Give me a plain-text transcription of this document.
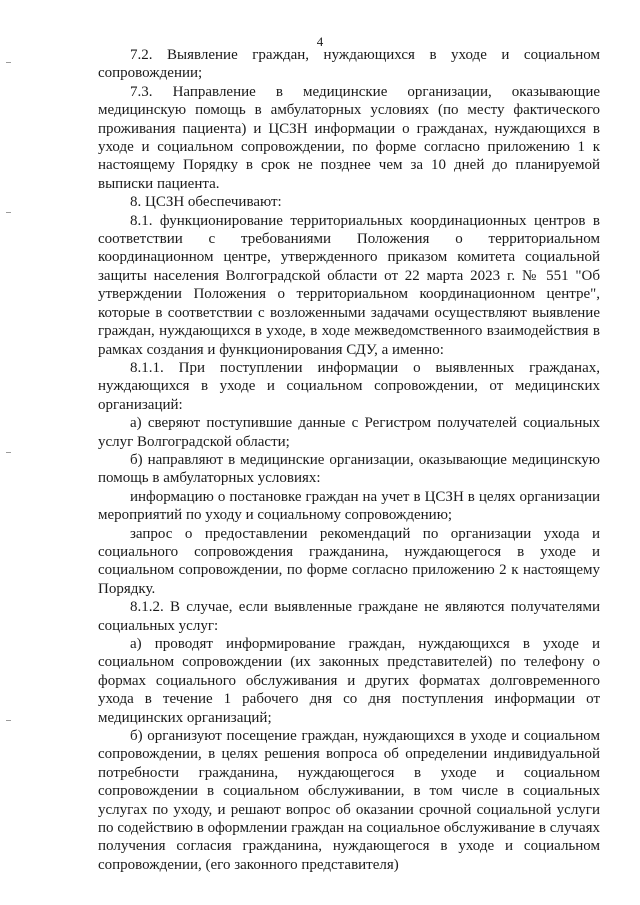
4

7.2. Выявление граждан, нуждающихся в уходе и социальном сопровождении;

7.3. Направление в медицинские организации, оказывающие медицинскую помощь в амбулаторных условиях (по месту фактического проживания пациента) и ЦСЗН информации о гражданах, нуждающихся в уходе и социальном сопровождении, по форме согласно приложению 1 к настоящему Порядку в срок не позднее чем за 10 дней до планируемой выписки пациента.

8. ЦСЗН обеспечивают:

8.1. функционирование территориальных координационных центров в соответствии с требованиями Положения о территориальном координационном центре, утвержденного приказом комитета социальной защиты населения Волгоградской области от 22 марта 2023 г. № 551 "Об утверждении Положения о территориальном координационном центре", которые в соответствии с возложенными задачами осуществляют выявление граждан, нуждающихся в уходе, в ходе межведомственного взаимодействия в рамках создания и функционирования СДУ, а именно:

8.1.1. При поступлении информации о выявленных гражданах, нуждающихся в уходе и социальном сопровождении, от медицинских организаций:

а) сверяют поступившие данные с Регистром получателей социальных услуг Волгоградской области;

б) направляют в медицинские организации, оказывающие медицинскую помощь в амбулаторных условиях:

информацию о постановке граждан на учет в ЦСЗН в целях организации мероприятий по уходу и социальному сопровождению;

запрос о предоставлении рекомендаций по организации ухода и социального сопровождения гражданина, нуждающегося в уходе и социальном сопровождении, по форме согласно приложению 2 к настоящему Порядку.

8.1.2. В случае, если выявленные граждане не являются получателями социальных услуг:

а) проводят информирование граждан, нуждающихся в уходе и социальном сопровождении (их законных представителей) по телефону о формах социального обслуживания и других форматах долговременного ухода в течение 1 рабочего дня со дня поступления информации от медицинских организаций;

б) организуют посещение граждан, нуждающихся в уходе и социальном сопровождении, в целях решения вопроса об определении индивидуальной потребности гражданина, нуждающегося в уходе и социальном сопровождении в социальном обслуживании, в том числе в социальных услугах по уходу, и решают вопрос об оказании срочной социальной услуги по содействию в оформлении граждан на социальное обслуживание в случаях получения согласия гражданина, нуждающегося в уходе и социальном сопровождении, (его законного представителя)
